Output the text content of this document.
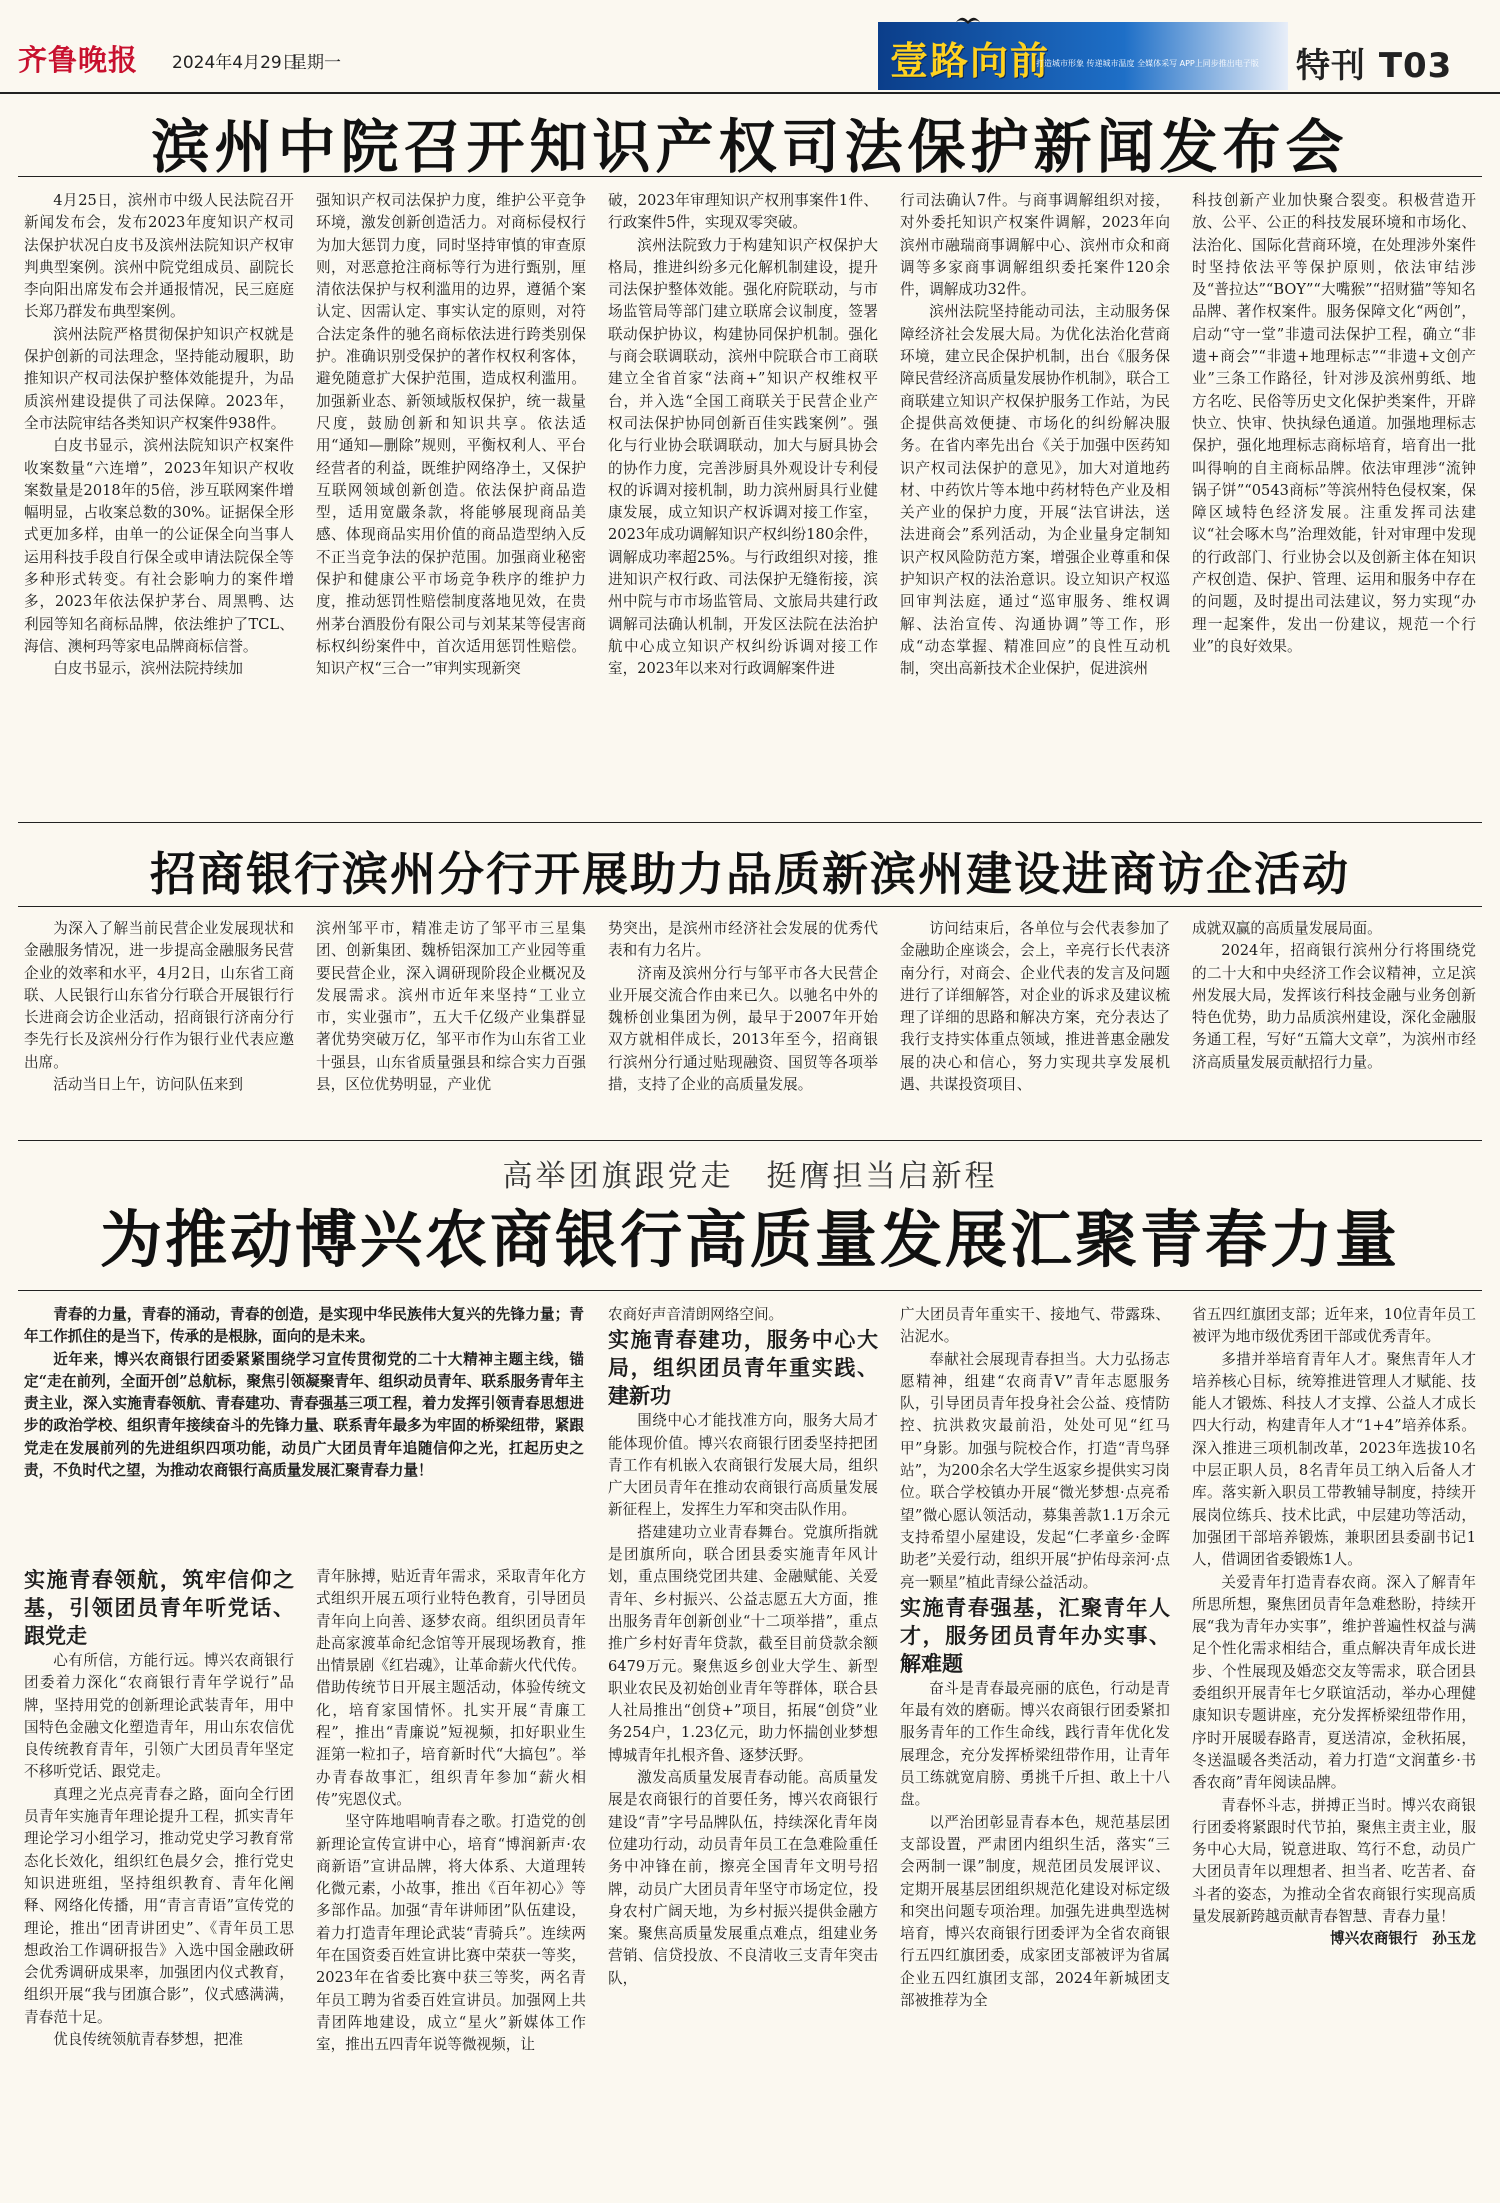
齐鲁晚报 2024年4月29日
星期一	壹路向前
打造城市形象 传递城市温度 全媒体采写 APP上同步推出电子版	特刊 T03
滨州中院召开知识产权司法保护新闻发布会

4月25日，滨州市中级人民法院召开新闻发布会，发布2023年度知识产权司法保护状况白皮书及滨州法院知识产权审判典型案例。滨州中院党组成员、副院长李向阳出席发布会并通报情况，民三庭庭长郑乃群发布典型案例。

滨州法院严格贯彻保护知识产权就是保护创新的司法理念，坚持能动履职，助推知识产权司法保护整体效能提升，为品质滨州建设提供了司法保障。2023年，全市法院审结各类知识产权案件938件。

白皮书显示，滨州法院知识产权案件收案数量“六连增”，2023年知识产权收案数量是2018年的5倍，涉互联网案件增幅明显，占收案总数的30%。证据保全形式更加多样，由单一的公证保全向当事人运用科技手段自行保全或申请法院保全等多种形式转变。有社会影响力的案件增多，2023年依法保护茅台、周黑鸭、达利园等知名商标品牌，依法维护了TCL、海信、澳柯玛等家电品牌商标信誉。

白皮书显示，滨州法院持续加

强知识产权司法保护力度，维护公平竞争环境，激发创新创造活力。对商标侵权行为加大惩罚力度，同时坚持审慎的审查原则，对恶意抢注商标等行为进行甄别，厘清依法保护与权利滥用的边界，遵循个案认定、因需认定、事实认定的原则，对符合法定条件的驰名商标依法进行跨类别保护。准确识别受保护的著作权权利客体，避免随意扩大保护范围，造成权利滥用。加强新业态、新领域版权保护，统一裁量尺度，鼓励创新和知识共享。依法适用“通知—删除”规则，平衡权利人、平台经营者的利益，既维护网络净土，又保护互联网领域创新创造。依法保护商品造型，适用宽嚴条款，将能够展现商品美感、体现商品实用价值的商品造型纳入反不正当竞争法的保护范围。加强商业秘密保护和健康公平市场竞争秩序的维护力度，推动惩罚性赔偿制度落地见效，在贵州茅台酒股份有限公司与刘某某等侵害商标权纠纷案件中，首次适用惩罚性赔偿。知识产权“三合一”审判实现新突

破，2023年审理知识产权刑事案件1件、行政案件5件，实现双零突破。

滨州法院致力于构建知识产权保护大格局，推进纠纷多元化解机制建设，提升司法保护整体效能。强化府院联动，与市场监管局等部门建立联席会议制度，签署联动保护协议，构建协同保护机制。强化与商会联调联动，滨州中院联合市工商联建立全省首家“法商+”知识产权维权平台，并入选“全国工商联关于民营企业产权司法保护协同创新百佳实践案例”。强化与行业协会联调联动，加大与厨具协会的协作力度，完善涉厨具外观设计专利侵权的诉调对接机制，助力滨州厨具行业健康发展，成立知识产权诉调对接工作室，2023年成功调解知识产权纠纷180余件，调解成功率超25%。与行政组织对接，推进知识产权行政、司法保护无缝衔接，滨州中院与市市场监管局、文旅局共建行政调解司法确认机制，开发区法院在法治护航中心成立知识产权纠纷诉调对接工作室，2023年以来对行政调解案件进

行司法确认7件。与商事调解组织对接，对外委托知识产权案件调解，2023年向滨州市融瑞商事调解中心、滨州市众和商调等多家商事调解组织委托案件120余件，调解成功32件。

滨州法院坚持能动司法，主动服务保障经济社会发展大局。为优化法治化营商环境，建立民企保护机制，出台《服务保障民营经济高质量发展协作机制》，联合工商联建立知识产权保护服务工作站，为民企提供高效便捷、市场化的纠纷解决服务。在省内率先出台《关于加强中医药知识产权司法保护的意见》，加大对道地药材、中药饮片等本地中药材特色产业及相关产业的保护力度，开展“法官讲法，送法进商会”系列活动，为企业量身定制知识产权风险防范方案，增强企业尊重和保护知识产权的法治意识。设立知识产权巡回审判法庭，通过“巡审服务、维权调解、法治宣传、沟通协调”等工作，形成“动态掌握、精准回应”的良性互动机制，突出高新技术企业保护，促进滨州

科技创新产业加快聚合裂变。积极营造开放、公平、公正的科技发展环境和市场化、法治化、国际化营商环境，在处理涉外案件时坚持依法平等保护原则，依法审结涉及“普拉达”“BOY”“大嘴猴”“招财猫”等知名品牌、著作权案件。服务保障文化“两创”，启动“守一堂”非遗司法保护工程，确立“非遗+商会”“非遗+地理标志”“非遗+文创产业”三条工作路径，针对涉及滨州剪纸、地方名吃、民俗等历史文化保护类案件，开辟快立、快审、快执绿色通道。加强地理标志保护，强化地理标志商标培育，培育出一批叫得响的自主商标品牌。依法审理涉“流钟锅子饼”“0543商标”等滨州特色侵权案，保障区域特色经济发展。注重发挥司法建议“社会啄木鸟”治理效能，针对审理中发现的行政部门、行业协会以及创新主体在知识产权创造、保护、管理、运用和服务中存在的问题，及时提出司法建议，努力实现“办理一起案件，发出一份建议，规范一个行业”的良好效果。

招商银行滨州分行开展助力品质新滨州建设进商访企活动

为深入了解当前民营企业发展现状和金融服务情况，进一步提高金融服务民营企业的效率和水平，4月2日，山东省工商联、人民银行山东省分行联合开展银行行长进商会访企业活动，招商银行济南分行李先行长及滨州分行作为银行业代表应邀出席。

活动当日上午，访问队伍来到

滨州邹平市，精准走访了邹平市三星集团、创新集团、魏桥铝深加工产业园等重要民营企业，深入调研现阶段企业概况及发展需求。滨州市近年来坚持“工业立市，实业强市”，五大千亿级产业集群显著优势突破万亿，邹平市作为山东省工业十强县，山东省质量强县和综合实力百强县，区位优势明显，产业优

势突出，是滨州市经济社会发展的优秀代表和有力名片。

济南及滨州分行与邹平市各大民营企业开展交流合作由来已久。以驰名中外的魏桥创业集团为例，最早于2007年开始双方就相伴成长，2013年至今，招商银行滨州分行通过贴现融资、国贸等各项举措，支持了企业的高质量发展。

访问结束后，各单位与会代表参加了金融助企座谈会，会上，辛亮行长代表济南分行，对商会、企业代表的发言及问题进行了详细解答，对企业的诉求及建议梳理了详细的思路和解决方案，充分表达了我行支持实体重点领域，推进普惠金融发展的决心和信心，努力实现共享发展机遇、共谋投资项目、

成就双赢的高质量发展局面。

2024年，招商银行滨州分行将围绕党的二十大和中央经济工作会议精神，立足滨州发展大局，发挥该行科技金融与业务创新特色优势，助力品质滨州建设，深化金融服务通工程，写好“五篇大文章”，为滨州市经济高质量发展贡献招行力量。

高举团旗跟党走　挺膺担当启新程
为推动博兴农商银行高质量发展汇聚青春力量

青春的力量，青春的涌动，青春的创造，是实现中华民族伟大复兴的先锋力量；青年工作抓住的是当下，传承的是根脉，面向的是未来。

近年来，博兴农商银行团委紧紧围绕学习宣传贯彻党的二十大精神主题主线，锚定“走在前列，全面开创”总航标，聚焦引领凝聚青年、组织动员青年、联系服务青年主责主业，深入实施青春领航、青春建功、青春强基三项工程，着力发挥引领青春思想进步的政治学校、组织青年接续奋斗的先锋力量、联系青年最多为牢固的桥梁纽带，紧跟党走在发展前列的先进组织四项功能，动员广大团员青年追随信仰之光，扛起历史之责，不负时代之望，为推动农商银行高质量发展汇聚青春力量！

实施青春领航，筑牢信仰之基，引领团员青年听党话、跟党走

心有所信，方能行远。博兴农商银行团委着力深化“农商银行青年学说行”品牌，坚持用党的创新理论武装青年，用中国特色金融文化塑造青年，用山东农信优良传统教育青年，引领广大团员青年坚定不移听党话、跟党走。

真理之光点亮青春之路，面向全行团员青年实施青年理论提升工程，抓实青年理论学习小组学习，推动党史学习教育常态化长效化，组织红色晨夕会，推行党史知识进班组，坚持组织教育、青年化阐释、网络化传播，用“青言青语”宣传党的理论，推出“团青讲团史”、《青年员工思想政治工作调研报告》入选中国金融政研会优秀调研成果率，加强团内仪式教育，组织开展“我与团旗合影”，仪式感满满，青春范十足。

优良传统领航青春梦想，把准

青年脉搏，贴近青年需求，采取青年化方式组织开展五项行业特色教育，引导团员青年向上向善、逐梦农商。组织团员青年赴高家渡革命纪念馆等开展现场教育，推出情景剧《红岩魂》，让革命薪火代代传。借助传统节日开展主题活动，体验传统文化，培育家国情怀。扎实开展“青廉工程”，推出“青廉说”短视频，扣好职业生涯第一粒扣子，培育新时代“大搞包”。举办青春故事汇，组织青年参加“薪火相传”宪恩仪式。

坚守阵地唱响青春之歌。打造党的创新理论宣传宣讲中心，培育“博润新声·农商新语”宣讲品牌，将大体系、大道理转化微元素，小故事，推出《百年初心》等多部作品。加强“青年讲师团”队伍建设，着力打造青年理论武装“青骑兵”。连续两年在国资委百姓宣讲比赛中荣获一等奖，2023年在省委比赛中获三等奖，两名青年员工聘为省委百姓宣讲员。加强网上共青团阵地建设，成立“星火”新媒体工作室，推出五四青年说等微视频，让

农商好声音清朗网络空间。

实施青春建功，服务中心大局，组织团员青年重实践、建新功

围绕中心才能找准方向，服务大局才能体现价值。博兴农商银行团委坚持把团青工作有机嵌入农商银行发展大局，组织广大团员青年在推动农商银行高质量发展新征程上，发挥生力军和突击队作用。

搭建建功立业青春舞台。党旗所指就是团旗所向，联合团县委实施青年风计划，重点围绕党团共建、金融赋能、关爱青年、乡村振兴、公益志愿五大方面，推出服务青年创新创业“十二项举措”，重点推广乡村好青年贷款，截至目前贷款余额6479万元。聚焦返乡创业大学生、新型职业农民及初始创业青年等群体，联合县人社局推出“创贷+”项目，拓展“创贷”业务254户，1.23亿元，助力怀揣创业梦想博城青年扎根齐鲁、逐梦沃野。

激发高质量发展青春动能。高质量发展是农商银行的首要任务，博兴农商银行建设“青”字号品牌队伍，持续深化青年岗位建功行动，动员青年员工在急难险重任务中冲锋在前，擦亮全国青年文明号招牌，动员广大团员青年坚守市场定位，投身农村广阔天地，为乡村振兴提供金融方案。聚焦高质量发展重点难点，组建业务营销、信贷投放、不良清收三支青年突击队，

广大团员青年重实干、接地气、带露珠、沾泥水。

奉献社会展现青春担当。大力弘扬志愿精神，组建“农商青V”青年志愿服务队，引导团员青年投身社会公益、疫情防控、抗洪救灾最前沿，处处可见“红马甲”身影。加强与院校合作，打造“青鸟驿站”，为200余名大学生返家乡提供实习岗位。联合学校镇办开展“微光梦想·点亮希望”微心愿认领活动，募集善款1.1万余元支持希望小屋建设，发起“仁孝童乡·金晖助老”关爱行动，组织开展“护佑母亲河·点亮一颗星”植此青绿公益活动。

实施青春强基，汇聚青年人才，服务团员青年办实事、解难题

奋斗是青春最亮丽的底色，行动是青年最有效的磨砺。博兴农商银行团委紧扣服务青年的工作生命线，践行青年优化发展理念，充分发挥桥梁纽带作用，让青年员工练就宽肩膀、勇挑千斤担、敢上十八盘。

以严治团彰显青春本色，规范基层团支部设置，严肃团内组织生活，落实“三会两制一课”制度，规范团员发展评议、定期开展基层团组织规范化建设对标定级和突出问题专项治理。加强先进典型选树培育，博兴农商银行团委评为全省农商银行五四红旗团委，成家团支部被评为省属企业五四红旗团支部，2024年新城团支部被推荐为全

省五四红旗团支部；近年来，10位青年员工被评为地市级优秀团干部或优秀青年。

多措并举培育青年人才。聚焦青年人才培养核心目标，统筹推进管理人才赋能、技能人才锻炼、科技人才支撑、公益人才成长四大行动，构建青年人才“1+4”培养体系。深入推进三项机制改革，2023年选拔10名中层正职人员，8名青年员工纳入后备人才库。落实新入职员工带教辅导制度，持续开展岗位练兵、技术比武，中层建功等活动，加强团干部培养锻炼，兼职团县委副书记1人，借调团省委锻炼1人。

关爱青年打造青春农商。深入了解青年所思所想，聚焦团员青年急难愁盼，持续开展“我为青年办实事”，维护普遍性权益与满足个性化需求相结合，重点解决青年成长进步、个性展现及婚恋交友等需求，联合团县委组织开展青年七夕联谊活动，举办心理健康知识专题讲座，充分发挥桥梁纽带作用，序时开展暖春路青，夏送清凉，金秋拓展，冬送温暖各类活动，着力打造“文润董乡·书香农商”青年阅读品牌。

青春怀斗志，拼搏正当时。博兴农商银行团委将紧跟时代节拍，聚焦主责主业，服务中心大局，锐意进取、笃行不怠，动员广大团员青年以理想者、担当者、吃苦者、奋斗者的姿态，为推动全省农商银行实现高质量发展新跨越贡献青春智慧、青春力量！

博兴农商银行　孙玉龙
